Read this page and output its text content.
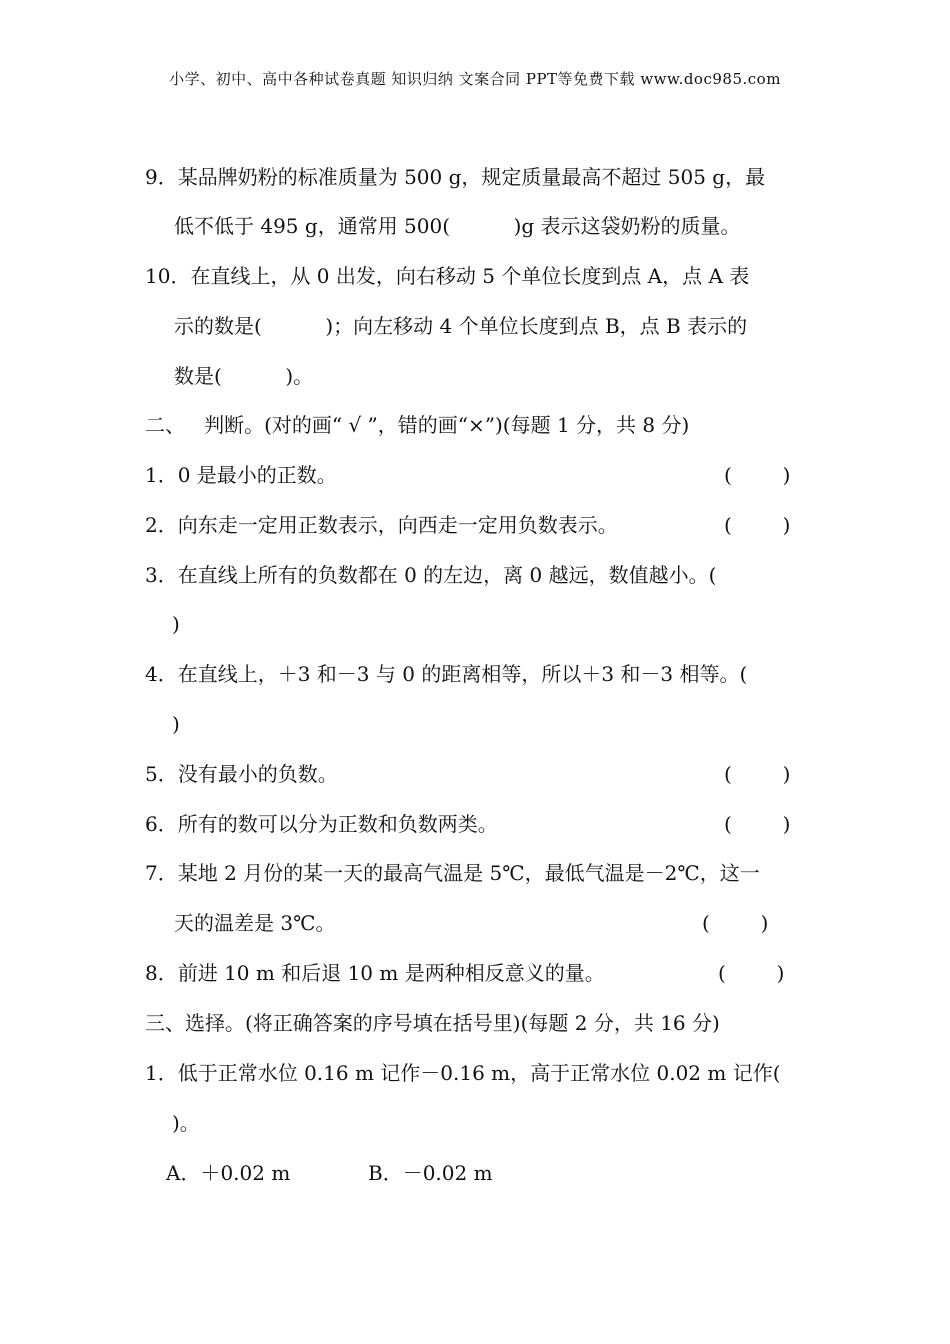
小学、初中、高中各种试卷真题 知识归纳 文案合同 PPT等免费下载 www.doc985.com
9．某品牌奶粉的标准质量为 500 g，规定质量最高不超过 505 g，最
低不低于 495 g，通常用 500(          )g 表示这袋奶粉的质量。
10．在直线上，从 0 出发，向右移动 5 个单位长度到点 A，点 A 表
示的数是(          )；向左移动 4 个单位长度到点 B，点 B 表示的
数是(          )。
二、   判断。(对的画“ √ ”，错的画“×”)(每题 1 分，共 8 分)
1．0 是最小的正数。	(        )
2．向东走一定用正数表示，向西走一定用负数表示。	(        )
3．在直线上所有的负数都在 0 的左边，离 0 越远，数值越小。(
)
4．在直线上，＋3 和－3 与 0 的距离相等，所以＋3 和－3 相等。(
)
5．没有最小的负数。	(        )
6．所有的数可以分为正数和负数两类。	(        )
7．某地 2 月份的某一天的最高气温是 5℃，最低气温是－2℃，这一
天的温差是 3℃。	(        )
8．前进 10 m 和后退 10 m 是两种相反意义的量。	(        )
三、选择。(将正确答案的序号填在括号里)(每题 2 分，共 16 分)
1．低于正常水位 0.16 m 记作－0.16 m，高于正常水位 0.02 m 记作(
)。
A．＋0.02 m	B．－0.02 m
